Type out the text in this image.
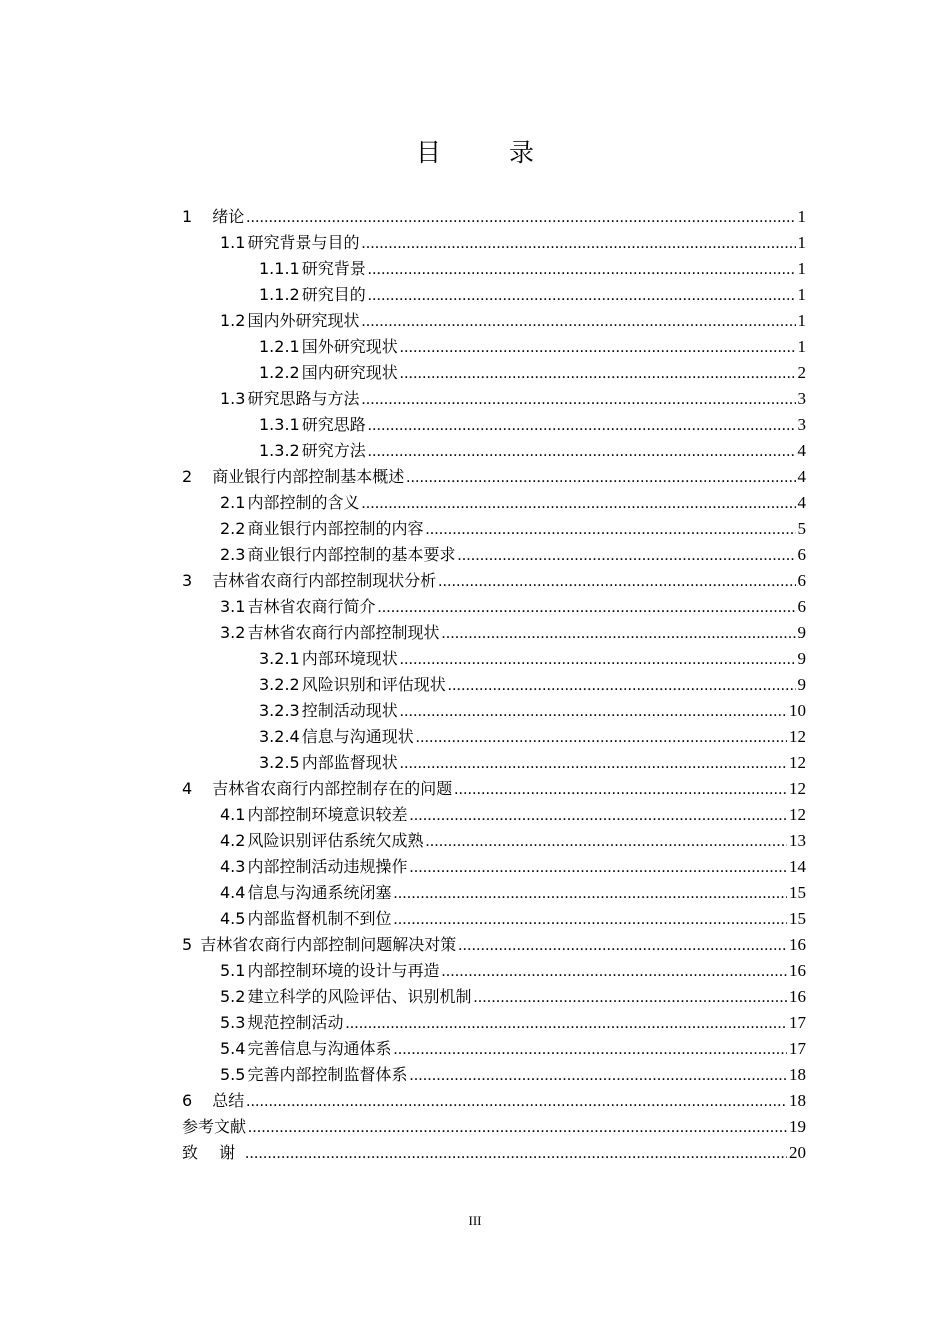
目 录
1 绪论 .....	1
1.1 研究背景与目的 .....	1
1.1.1 研究背景 .....	1
1.1.2 研究目的 .....	1
1.2 国内外研究现状 .....	1
1.2.1 国外研究现状 .....	1
1.2.2 国内研究现状 .....	2
1.3 研究思路与方法 .....	3
1.3.1 研究思路 .....	3
1.3.2 研究方法 .....	4
2 商业银行内部控制基本概述 .....	4
2.1 内部控制的含义 .....	4
2.2 商业银行内部控制的内容 .....	5
2.3 商业银行内部控制的基本要求 .....	6
3 吉林省农商行内部控制现状分析 .....	6
3.1 吉林省农商行简介 .....	6
3.2 吉林省农商行内部控制现状 .....	9
3.2.1 内部环境现状 .....	9
3.2.2 风险识别和评估现状 .....	9
3.2.3 控制活动现状 .....	10
3.2.4 信息与沟通现状 .....	12
3.2.5 内部监督现状 .....	12
4 吉林省农商行内部控制存在的问题 .....	12
4.1 内部控制环境意识较差 .....	12
4.2 风险识别评估系统欠成熟 .....	13
4.3 内部控制活动违规操作 .....	14
4.4 信息与沟通系统闭塞 .....	15
4.5 内部监督机制不到位 .....	15
5 吉林省农商行内部控制问题解决对策 .....	16
5.1 内部控制环境的设计与再造 .....	16
5.2 建立科学的风险评估、识别机制 .....	16
5.3 规范控制活动 .....	17
5.4 完善信息与沟通体系 .....	17
5.5 完善内部控制监督体系 .....	18
6 总结 .....	18
参考文献 .....	19
致 谢 .....	20
III
